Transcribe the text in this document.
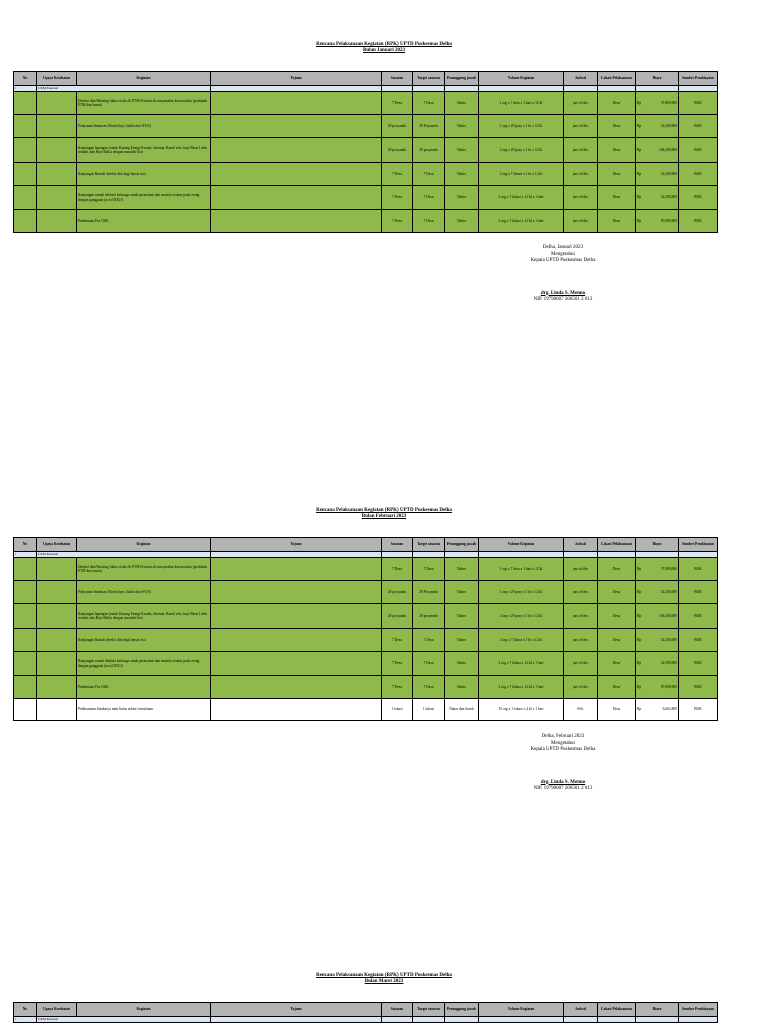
Rencana Pelaksanaan Kegiatan (RPK) UPTD Puskesmas Delha
Bulan Januari 2023
No	Upaya Kesehatan	Kegiatan	Tujuan	Sasaran	Target sasaran	Penanggung jawab	Volume Kegiatan	Jadwal	Lokasi Pelaksanaan	Biaya	Sumber Pembiayaan
1	UKM Esensial										
		Deteksi dini/Skrining faktor risiko & PTM Prioritas di masyarakat dan institusi (posbindu PTM dan lansia)		7 Desa	7 Desa	Nakes	1 org x 7 desa x 1 hari x 12 kl	jan s/d des	Desa	Rp 37,800,000	BOK
		Pelayanan Imunisasi Rutin (bayi, balita dan WUS)		29 posyandu	29 Posyandu	Nakes	1 org x 29 posy x 1 hr x 12 kl	jan s/d des	Desa	Rp 52,200,000	BOK
		Kunjungan lapangan (untuk Kurang Energi Kronik, Anemia, Bumil risti, bayi Berat Lahir rendah, dan Bayi Balita dengan masalah Gizi		29 posyandu	29 posyandu	Nakes	2 org x 29 posy x 1 hr x 12 kl	jan s/d des	Desa	Rp 104,400,000	BOK
		Kunjungan Rumah deteksi dini bagi lansia risti		7 Desa	7 Desa	Nakes	2 org x 7 lokasi x 1 hr x 12 kl	jan s/d des	Desa	Rp 52,200,000	BOK
		Kunjungan rumah edukasi keluarga untuk perawatan dan monitor teratur pada orang dengan gangguan jiwa (ODGJ)		7 Desa	7 Desa	Nakes	2 org x 7 lokasi x 12 kl x 1 hari	jan s/d des	Desa	Rp 52,500,000	BOK
		Pembinaan Pos UKK		7 Desa	7 Desa	Nakes	2 org x 7 lokasi x 12 kl x 1 hari	jan s/d des	Desa	Rp 87,000,000	BOK
Delha, Januari 2023
Mengetahui
Kepala UPTD Puskesmas Delha
drg. Linda S. Menno
NIP. 19790607 200501 2 013
Rencana Pelaksanaan Kegiatan (RPK) UPTD Puskesmas Delha
Bulan Februari 2023
No	Upaya Kesehatan	Kegiatan	Tujuan	Sasaran	Target sasaran	Penanggung jawab	Volume Kegiatan	Jadwal	Lokasi Pelaksanaan	Biaya	Sumber Pembiayaan
1	UKM Esensial										
		Deteksi dini/Skrining faktor risiko & PTM Prioritas di masyarakat dan institusi (posbindu PTM dan lansia)		7 Desa	7 Desa	Nakes	1 org x 7 desa x 1 hari x 12 kl	jan s/d des	Desa	Rp 37,800,000	BOK
		Pelayanan Imunisasi Rutin (bayi, balita dan WUS)		29 posyandu	29 Posyandu	Nakes	1 org x 29 posy x 1 hr x 12 kl	jan s/d des	Desa	Rp 52,200,000	BOK
		Kunjungan lapangan (untuk Kurang Energi Kronik, Anemia, Bumil risti, bayi Berat Lahir rendah, dan Bayi Balita dengan masalah Gizi		29 posyandu	29 posyandu	Nakes	2 org x 29 posy x 1 hr x 12 kl	jan s/d des	Desa	Rp 104,400,000	BOK
		Kunjungan Rumah deteksi dini bagi lansia risti		7 Desa	7 Desa	Nakes	2 org x 7 lokasi x 1 hr x 12 kl	jan s/d des	Desa	Rp 52,200,000	BOK
		Kunjungan rumah edukasi keluarga untuk perawatan dan monitor teratur pada orang dengan gangguan jiwa (ODGJ)		7 Desa	7 Desa	Nakes	2 org x 7 lokasi x 12 kl x 1 hari	jan s/d des	Desa	Rp 52,500,000	BOK
		Pembinaan Pos UKK		7 Desa	7 Desa	Nakes	2 org x 7 lokasi x 12 kl x 1 hari	jan s/d des	Desa	Rp 87,000,000	BOK
		Pelaksanaan lokakarya mini lintas sektor triwulanan		1 lokasi	1 lokasi	Nakes dan linsek	35 org x 1 lokasi x 4 kl x 1 hari	Feb.	Desa	Rp 6,662,800	BOK
Delha, Februari 2023
Mengetahui
Kepala UPTD Puskesmas Delha
drg. Linda S. Menno
NIP. 19790607 200501 2 013
Rencana Pelaksanaan Kegiatan (RPK) UPTD Puskesmas Delha
Bulan Maret 2023
No	Upaya Kesehatan	Kegiatan	Tujuan	Sasaran	Target sasaran	Penanggung jawab	Volume Kegiatan	Jadwal	Lokasi Pelaksanaan	Biaya	Sumber Pembiayaan
1	UKM Esensial										
